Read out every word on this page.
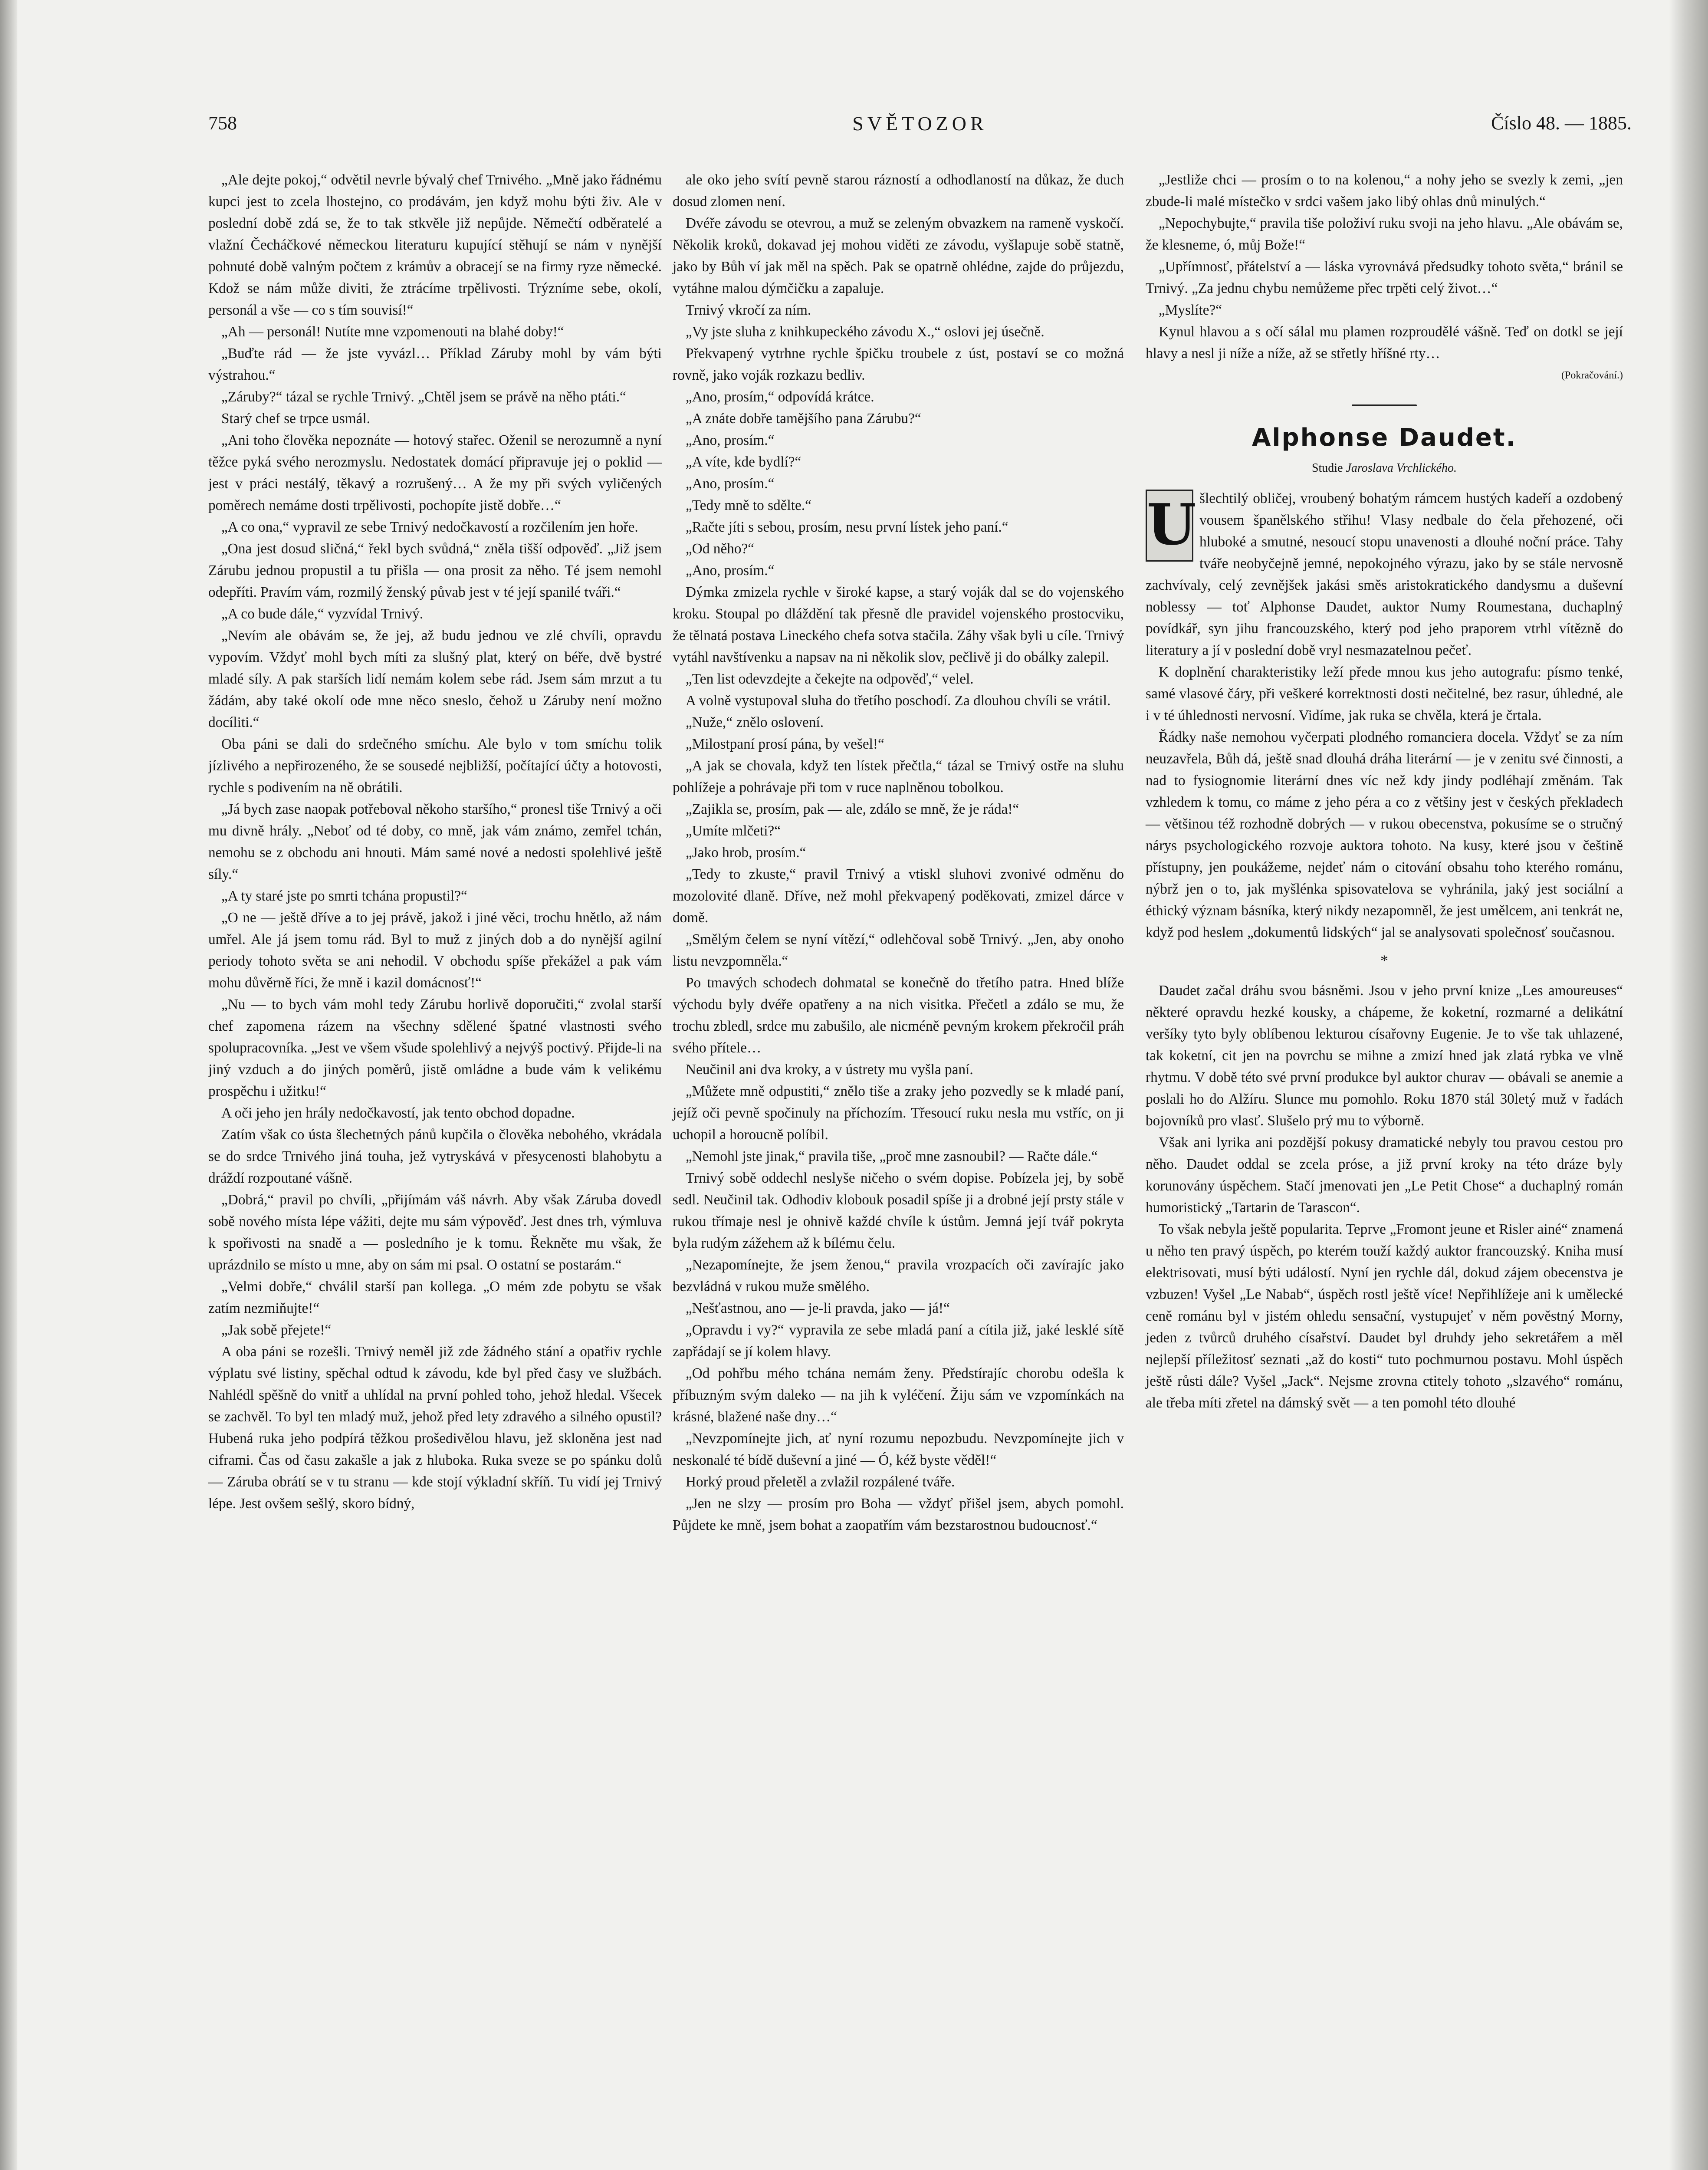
758	SVĚTOZOR	Číslo 48. — 1885.

„Ale dejte pokoj,“ odvětil nevrle bývalý chef Trnivého. „Mně jako řádnému kupci jest to zcela lhostejno, co prodávám, jen když mohu býti živ. Ale v poslední době zdá se, že to tak stkvěle již nepůjde. Němečtí odběratelé a vlažní Čecháčkové německou literaturu kupující stěhují se nám v nynější pohnuté době valným počtem z krámův a obracejí se na firmy ryze německé. Kdož se nám může diviti, že ztrácíme trpělivosti. Trýzníme sebe, okolí, personál a vše — co s tím souvisí!“

„Ah — personál! Nutíte mne vzpomenouti na blahé doby!“

„Buďte rád — že jste vyvázl… Příklad Záruby mohl by vám býti výstrahou.“

„Záruby?“ tázal se rychle Trnivý. „Chtěl jsem se právě na něho ptáti.“

Starý chef se trpce usmál.

„Ani toho člověka nepoznáte — hotový stařec. Oženil se nerozumně a nyní těžce pyká svého nerozmyslu. Nedostatek domácí připravuje jej o poklid — jest v práci nestálý, těkavý a rozrušený… A že my při svých vyličených poměrech nemáme dosti trpělivosti, pochopíte jistě dobře…“

„A co ona,“ vypravil ze sebe Trnivý nedočkavostí a rozčilením jen hoře.

„Ona jest dosud sličná,“ řekl bych svůdná,“ zněla tišší odpověď. „Již jsem Zárubu jednou propustil a tu přišla — ona prosit za něho. Té jsem nemohl odepříti. Pravím vám, rozmilý ženský půvab jest v té její spanilé tváři.“

„A co bude dále,“ vyzvídal Trnivý.

„Nevím ale obávám se, že jej, až budu jednou ve zlé chvíli, opravdu vypovím. Vždyť mohl bych míti za slušný plat, který on béře, dvě bystré mladé síly. A pak starších lidí nemám kolem sebe rád. Jsem sám mrzut a tu žádám, aby také okolí ode mne něco sneslo, čehož u Záruby není možno docíliti.“

Oba páni se dali do srdečného smíchu. Ale bylo v tom smíchu tolik jízlivého a nepřirozeného, že se sousedé nejbližší, počítající účty a hotovosti, rychle s podivením na ně obrátili.

„Já bych zase naopak potřeboval někoho staršího,“ pronesl tiše Trnivý a oči mu divně hrály. „Neboť od té doby, co mně, jak vám známo, zemřel tchán, nemohu se z obchodu ani hnouti. Mám samé nové a nedosti spolehlivé ještě síly.“

„A ty staré jste po smrti tchána propustil?“

„O ne — ještě dříve a to jej právě, jakož i jiné věci, trochu hnětlo, až nám umřel. Ale já jsem tomu rád. Byl to muž z jiných dob a do nynější agilní periody tohoto světa se ani nehodil. V obchodu spíše překážel a pak vám mohu důvěrně říci, že mně i kazil domácnosť!“

„Nu — to bych vám mohl tedy Zárubu horlivě doporučiti,“ zvolal starší chef zapomena rázem na všechny sdělené špatné vlastnosti svého spolupracovníka. „Jest ve všem všude spolehlivý a nejvýš poctivý. Přijde-li na jiný vzduch a do jiných poměrů, jistě omládne a bude vám k velikému prospěchu i užitku!“

A oči jeho jen hrály nedočkavostí, jak tento obchod dopadne.

Zatím však co ústa šlechetných pánů kupčila o člověka nebohého, vkrádala se do srdce Trnivého jiná touha, jež vytryskává v přesycenosti blahobytu a dráždí rozpoutané vášně.

„Dobrá,“ pravil po chvíli, „přijímám váš návrh. Aby však Záruba dovedl sobě nového místa lépe vážiti, dejte mu sám výpověď. Jest dnes trh, výmluva k spořivosti na snadě a — posledního je k tomu. Řekněte mu však, že uprázdnilo se místo u mne, aby on sám mi psal. O ostatní se postarám.“

„Velmi dobře,“ chválil starší pan kollega. „O mém zde pobytu se však zatím nezmiňujte!“

„Jak sobě přejete!“

A oba páni se rozešli. Trnivý neměl již zde žádného stání a opatřiv rychle výplatu své listiny, spěchal odtud k závodu, kde byl před časy ve službách. Nahlédl spěšně do vnitř a uhlídal na první pohled toho, jehož hledal. Všecek se zachvěl. To byl ten mladý muž, jehož před lety zdravého a silného opustil? Hubená ruka jeho podpírá těžkou prošedivělou hlavu, jež skloněna jest nad ciframi. Čas od času zakašle a jak z hluboka. Ruka sveze se po spánku dolů — Záruba obrátí se v tu stranu — kde stojí výkladní skříň. Tu vidí jej Trnivý lépe. Jest ovšem sešlý, skoro bídný,

ale oko jeho svítí pevně starou rázností a odhodlaností na důkaz, že duch dosud zlomen není.

Dvéře závodu se otevrou, a muž se zeleným obvazkem na rameně vyskočí. Několik kroků, dokavad jej mohou viděti ze závodu, vyšlapuje sobě statně, jako by Bůh ví jak měl na spěch. Pak se opatrně ohlédne, zajde do průjezdu, vytáhne malou dýmčičku a zapaluje.

Trnivý vkročí za ním.

„Vy jste sluha z knihkupeckého závodu X.,“ oslovi jej úsečně.

Překvapený vytrhne rychle špičku troubele z úst, postaví se co možná rovně, jako voják rozkazu bedliv.

„Ano, prosím,“ odpovídá krátce.

„A znáte dobře tamějšího pana Zárubu?“

„Ano, prosím.“

„A víte, kde bydlí?“

„Ano, prosím.“

„Tedy mně to sdělte.“

„Račte jíti s sebou, prosím, nesu první lístek jeho paní.“

„Od něho?“

„Ano, prosím.“

Dýmka zmizela rychle v široké kapse, a starý voják dal se do vojenského kroku. Stoupal po dláždění tak přesně dle pravidel vojenského prostocviku, že tělnatá postava Lineckého chefa sotva stačila. Záhy však byli u cíle. Trnivý vytáhl navštívenku a napsav na ni několik slov, pečlivě ji do obálky zalepil.

„Ten list odevzdejte a čekejte na odpověď,“ velel.

A volně vystupoval sluha do třetího poschodí. Za dlouhou chvíli se vrátil.

„Nuže,“ znělo oslovení.

„Milostpaní prosí pána, by vešel!“

„A jak se chovala, když ten lístek přečtla,“ tázal se Trnivý ostře na sluhu pohlížeje a pohrávaje při tom v ruce naplněnou tobolkou.

„Zajikla se, prosím, pak — ale, zdálo se mně, že je ráda!“

„Umíte mlčeti?“

„Jako hrob, prosím.“

„Tedy to zkuste,“ pravil Trnivý a vtiskl sluhovi zvonivé odměnu do mozolovité dlaně. Dříve, než mohl překvapený poděkovati, zmizel dárce v domě.

„Smělým čelem se nyní vítězí,“ odlehčoval sobě Trnivý. „Jen, aby onoho listu nevzpomněla.“

Po tmavých schodech dohmatal se konečně do třetího patra. Hned blíže východu byly dvéře opatřeny a na nich visitka. Přečetl a zdálo se mu, že trochu zbledl, srdce mu zabušilo, ale nicméně pevným krokem překročil práh svého přítele…

Neučinil ani dva kroky, a v ústrety mu vyšla paní.

„Můžete mně odpustiti,“ znělo tiše a zraky jeho pozvedly se k mladé paní, jejíž oči pevně spočinuly na příchozím. Třesoucí ruku nesla mu vstříc, on ji uchopil a horoucně políbil.

„Nemohl jste jinak,“ pravila tiše, „proč mne zasnoubil? — Račte dále.“

Trnivý sobě oddechl neslyše ničeho o svém dopise. Pobízela jej, by sobě sedl. Neučinil tak. Odhodiv klobouk posadil spíše ji a drobné její prsty stále v rukou třímaje nesl je ohnivě každé chvíle k ústům. Jemná její tvář pokryta byla rudým zážehem až k bílému čelu.

„Nezapomínejte, že jsem ženou,“ pravila vrozpacích oči zavírajíc jako bezvládná v rukou muže smělého.

„Nešťastnou, ano — je-li pravda, jako — já!“

„Opravdu i vy?“ vypravila ze sebe mladá paní a cítila již, jaké lesklé sítě zapřádají se jí kolem hlavy.

„Od pohřbu mého tchána nemám ženy. Předstírajíc chorobu odešla k příbuzným svým daleko — na jih k vyléčení. Žiju sám ve vzpomínkách na krásné, blažené naše dny…“

„Nevzpomínejte jich, ať nyní rozumu nepozbudu. Nevzpomínejte jich v neskonalé té bídě duševní a jiné — Ó, kéž byste věděl!“

Horký proud přeletěl a zvlažil rozpálené tváře.

„Jen ne slzy — prosím pro Boha — vždyť přišel jsem, abych pomohl. Půjdete ke mně, jsem bohat a zaopatřím vám bezstarostnou budoucnosť.“

„Jestliže chci — prosím o to na kolenou,“ a nohy jeho se svezly k zemi, „jen zbude-li malé místečko v srdci vašem jako libý ohlas dnů minulých.“

„Nepochybujte,“ pravila tiše položiví ruku svoji na jeho hlavu. „Ale obávám se, že klesneme, ó, můj Bože!“

„Upřímnosť, přátelství a — láska vyrovnává předsudky tohoto světa,“ bránil se Trnivý. „Za jednu chybu nemůžeme přec trpěti celý život…“

„Myslíte?“

Kynul hlavou a s očí sálal mu plamen rozproudělé vášně. Teď on dotkl se její hlavy a nesl ji níže a níže, až se střetly hříšné rty…

(Pokračování.)

Alphonse Daudet.
Studie Jaroslava Vrchlického.

U šlechtilý obličej, vroubený bohatým rámcem hustých kadeří a ozdobený vousem španělského střihu! Vlasy nedbale do čela přehozené, oči hluboké a smutné, nesoucí stopu unavenosti a dlouhé noční práce. Tahy tváře neobyčejně jemné, nepokojného výrazu, jako by se stále nervosně zachvívaly, celý zevnějšek jakási směs aristokratického dandysmu a duševní noblessy — toť Alphonse Daudet, auktor Numy Roumestana, duchaplný povídkář, syn jihu francouzského, který pod jeho praporem vtrhl vítězně do literatury a jí v poslední době vryl nesmazatelnou pečeť.

K doplnění charakteristiky leží přede mnou kus jeho autografu: písmo tenké, samé vlasové čáry, při veškeré korrektnosti dosti nečitelné, bez rasur, úhledné, ale i v té úhlednosti nervosní. Vidíme, jak ruka se chvěla, která je črtala.

Řádky naše nemohou vyčerpati plodného romanciera docela. Vždyť se za ním neuzavřela, Bůh dá, ještě snad dlouhá dráha literární — je v zenitu své činnosti, a nad to fysiognomie literární dnes víc než kdy jindy podléhají změnám. Tak vzhledem k tomu, co máme z jeho péra a co z většiny jest v českých překladech — většinou též rozhodně dobrých — v rukou obecenstva, pokusíme se o stručný nárys psychologického rozvoje auktora tohoto. Na kusy, které jsou v češtině přístupny, jen poukážeme, nejdeť nám o citování obsahu toho kterého románu, nýbrž jen o to, jak myšlénka spisovatelova se vyhránila, jaký jest sociální a éthický význam básníka, který nikdy nezapomněl, že jest umělcem, ani tenkrát ne, když pod heslem „dokumentů lidských“ jal se analysovati společnosť současnou.

*

Daudet začal dráhu svou básněmi. Jsou v jeho první knize „Les amoureuses“ některé opravdu hezké kousky, a chápeme, že koketní, rozmarné a delikátní veršíky tyto byly oblíbenou lekturou císařovny Eugenie. Je to vše tak uhlazené, tak koketní, cit jen na povrchu se mihne a zmizí hned jak zlatá rybka ve vlně rhytmu. V době této své první produkce byl auktor churav — obávali se anemie a poslali ho do Alžíru. Slunce mu pomohlo. Roku 1870 stál 30letý muž v řadách bojovníků pro vlasť. Slušelo prý mu to výborně.

Však ani lyrika ani pozdější pokusy dramatické nebyly tou pravou cestou pro něho. Daudet oddal se zcela próse, a již první kroky na této dráze byly korunovány úspěchem. Stačí jmenovati jen „Le Petit Chose“ a duchaplný román humoristický „Tartarin de Tarascon“.

To však nebyla ještě popularita. Teprve „Fromont jeune et Risler ainé“ znamená u něho ten pravý úspěch, po kterém touží každý auktor francouzský. Kniha musí elektrisovati, musí býti událostí. Nyní jen rychle dál, dokud zájem obecenstva je vzbuzen! Vyšel „Le Nabab“, úspěch rostl ještě více! Nepřihlížeje ani k umělecké ceně románu byl v jistém ohledu sensační, vystupujeť v něm pověstný Morny, jeden z tvůrců druhého císařství. Daudet byl druhdy jeho sekretářem a měl nejlepší příležitosť seznati „až do kosti“ tuto pochmurnou postavu. Mohl úspěch ještě růsti dále? Vyšel „Jack“. Nejsme zrovna ctitely tohoto „slzavého“ románu, ale třeba míti zřetel na dámský svět — a ten pomohl této dlouhé
